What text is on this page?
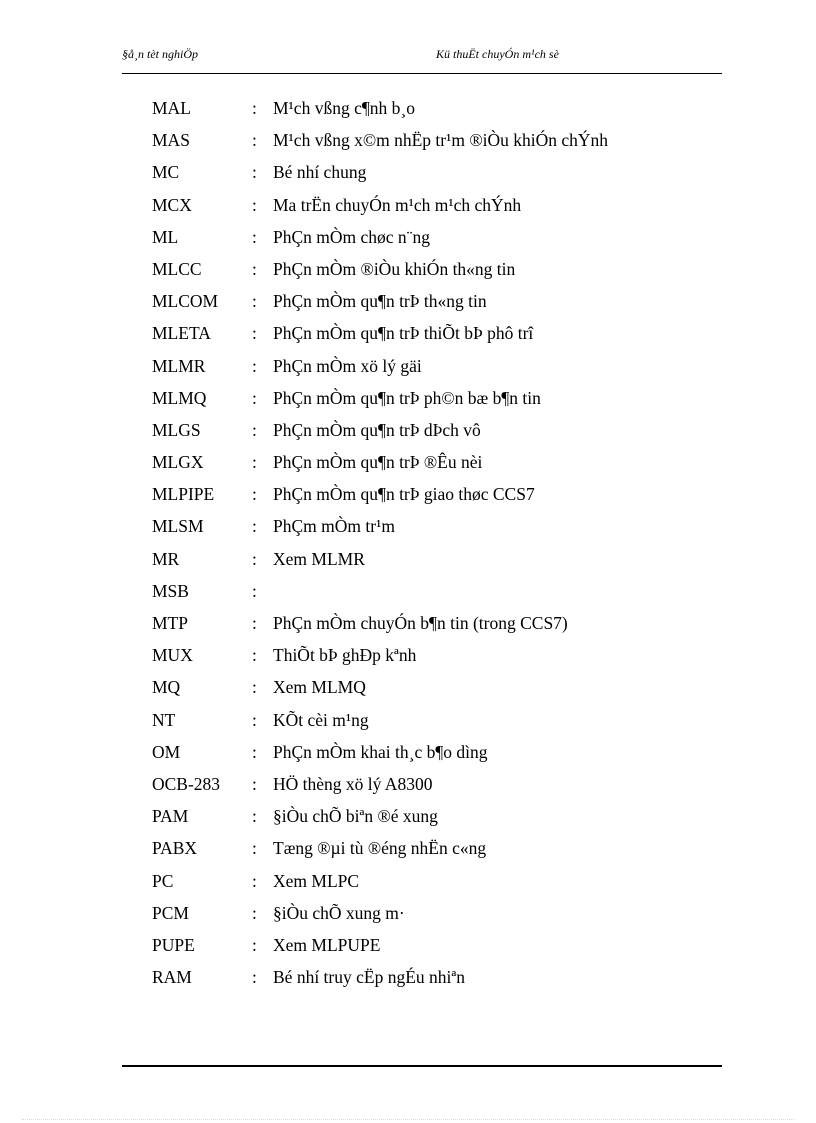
§å¸n tèt nghiÖp	Kü thuËt chuyÓn m¹ch sè
MAL	: M¹ch vßng c¶nh b¸o
MAS	: M¹ch vßng x©m nhËp tr¹m ®iÒu khiÓn chÝnh
MC	: Bé nhí chung
MCX	: Ma trËn chuyÓn m¹ch m¹ch chÝnh
ML	: PhÇn mÒm chøc n¨ng
MLCC	: PhÇn mÒm ®iÒu khiÓn th«ng tin
MLCOM : PhÇn mÒm qu¶n trÞ th«ng tin
MLETA : PhÇn mÒm qu¶n trÞ thiÕt bÞ phô trî
MLMR	: PhÇn mÒm xö lý gäi
MLMQ	: PhÇn mÒm qu¶n trÞ ph©n bæ b¶n tin
MLGS	: PhÇn mÒm qu¶n trÞ dÞch vô
MLGX	: PhÇn mÒm qu¶n trÞ ®Êu nèi
MLPIPE : PhÇn mÒm qu¶n trÞ giao thøc CCS7
MLSM	: PhÇm mÒm tr¹m
MR	: Xem MLMR
MSB	:
MTP	: PhÇn mÒm chuyÓn b¶n tin (trong CCS7)
MUX	: ThiÕt bÞ ghÐp kªnh
MQ	: Xem MLMQ
NT	: KÕt cèi m¹ng
OM	: PhÇn mÒm khai th¸c b¶o dìng
OCB-283 : HÖ thèng xö lý A8300
PAM	: §iÒu chÕ biªn ®é xung
PABX	: Tæng ®µi tù ®éng nhËn c«ng
PC	: Xem MLPC
PCM	: §iÒu chÕ xung m·
PUPE	: Xem MLPUPE
RAM	: Bé nhí truy cËp ngÉu nhiªn
